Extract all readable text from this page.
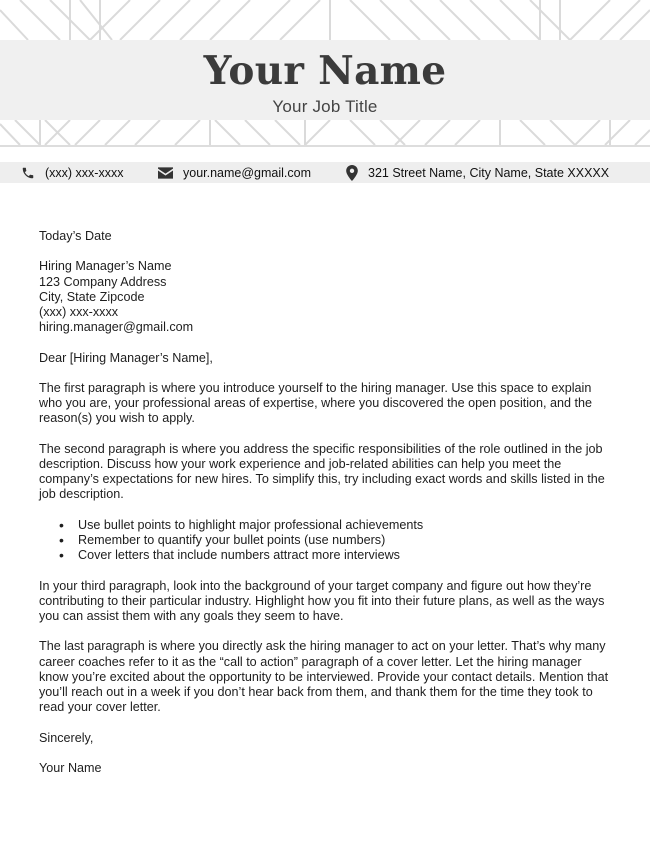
Your Name
Your Job Title
(xxx) xxx-xxxx	your.name@gmail.com	321 Street Name, City Name, State XXXXX

Today’s Date

Hiring Manager’s Name

123 Company Address

City, State Zipcode

(xxx) xxx-xxxx

hiring.manager@gmail.com

Dear [Hiring Manager’s Name],

The first paragraph is where you introduce yourself to the hiring manager. Use this space to explain who you are, your professional areas of expertise, where you discovered the open position, and the reason(s) you wish to apply.

The second paragraph is where you address the specific responsibilities of the role outlined in the job description. Discuss how your work experience and job-related abilities can help you meet the company’s expectations for new hires. To simplify this, try including exact words and skills listed in the job description.

• Use bullet points to highlight major professional achievements
• Remember to quantify your bullet points (use numbers)
• Cover letters that include numbers attract more interviews

In your third paragraph, look into the background of your target company and figure out how they’re contributing to their particular industry. Highlight how you fit into their future plans, as well as the ways you can assist them with any goals they seem to have.

The last paragraph is where you directly ask the hiring manager to act on your letter. That’s why many career coaches refer to it as the “call to action” paragraph of a cover letter. Let the hiring manager know you’re excited about the opportunity to be interviewed. Provide your contact details. Mention that you’ll reach out in a week if you don’t hear back from them, and thank them for the time they took to read your cover letter.

Sincerely,

Your Name
